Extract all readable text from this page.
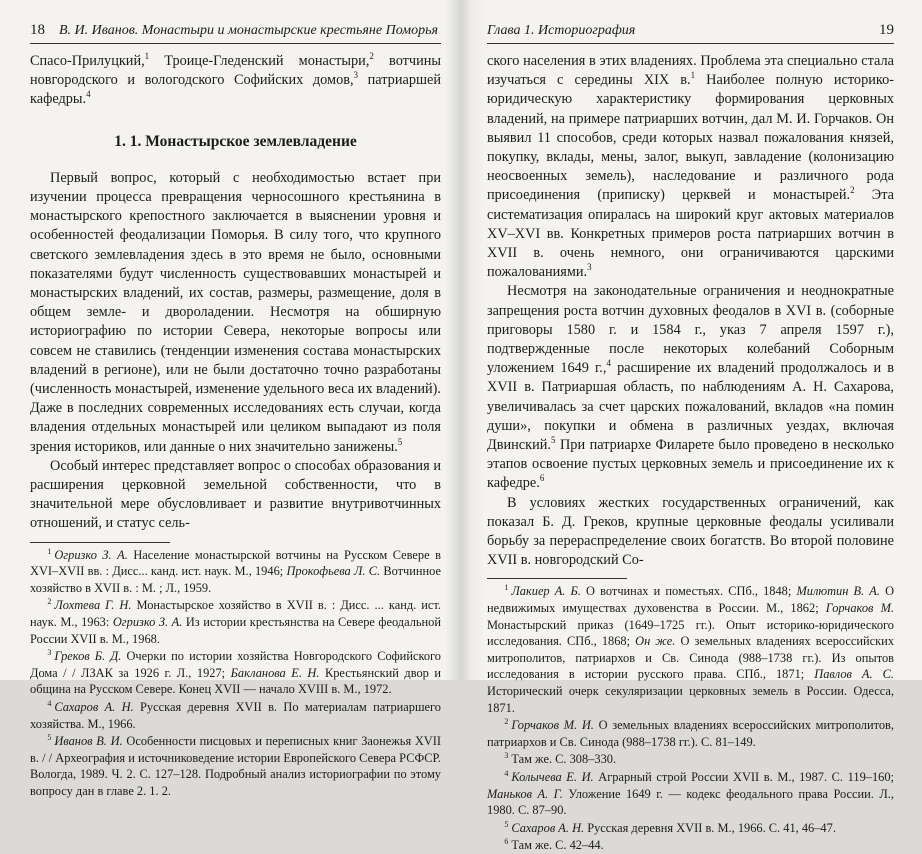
18 В. И. Иванов. Монастыри и монастырские крестьяне Поморья

Спасо-Прилуцкий,$^1$ Троице-Гледенский монастыри,$^2$ вотчины новгородского и вологодского Софийских домов,$^3$ патриаршей кафедры.$^4$

1. 1. Монастырское землевладение

Первый вопрос, который с необходимостью встает при изучении процесса превращения черносошного крестьянина в монастырского крепостного заключается в выяснении уровня и особенностей феодализации Поморья. В силу того, что крупного светского землевладения здесь в это время не было, основными показателями будут численность существовавших монастырей и монастырских владений, их состав, размеры, размещение, доля в общем земле- и двороладении. Несмотря на обширную историографию по истории Севера, некоторые вопросы или совсем не ставились (тенденции изменения состава монастырских владений в регионе), или не были достаточно точно разработаны (численность монастырей, изменение удельного веса их владений). Даже в последних современных исследованиях есть случаи, когда владения отдельных монастырей или целиком выпадают из поля зрения историков, или данные о них значительно занижены.$^5$

Особый интерес представляет вопрос о способах образования и расширения церковной земельной собственности, что в значительной мере обусловливает и развитие внутривотчинных отношений, и статус сель-

$^1$ Огризко З. А. Население монастырской вотчины на Русском Севере в XVI–XVII вв. : Дисс... канд. ист. наук. М., 1946; Прокофьева Л. С. Вотчинное хозяйство в XVII в. : М. ; Л., 1959.

$^2$ Лохтева Г. Н. Монастырское хозяйство в XVII в. : Дисс. ... канд. ист. наук. М., 1963: Огризко З. А. Из истории крестьянства на Севере феодальной России XVII в. М., 1968.

$^3$ Греков Б. Д. Очерки по истории хозяйства Новгородского Софийского Дома / / ЛЗАК за 1926 г. Л., 1927; Бакланова Е. Н. Крестьянский двор и община на Русском Севере. Конец XVII — начало XVIII в. М., 1972.

$^4$ Сахаров А. Н. Русская деревня XVII в. По материалам патриаршего хозяйства. М., 1966.

$^5$ Иванов В. И. Особенности писцовых и переписных книг Заонежья XVII в. / / Археография и источниковедение истории Европейского Севера РСФСР. Вологда, 1989. Ч. 2. С. 127–128. Подробный анализ историографии по этому вопросу дан в главе 2. 1. 2.

Глава 1. Историография	19

ского населения в этих владениях. Проблема эта специально стала изучаться с середины XIX в.$^1$ Наиболее полную историко-юридическую характеристику формирования церковных владений, на примере патриарших вотчин, дал М. И. Горчаков. Он выявил 11 способов, среди которых назвал пожалования князей, покупку, вклады, мены, залог, выкуп, завладение (колонизацию неосвоенных земель), наследование и различного рода присоединения (приписку) церквей и монастырей.$^2$ Эта систематизация опиралась на широкий круг актовых материалов XV–XVI вв. Конкретных примеров роста патриарших вотчин в XVII в. очень немного, они ограничиваются царскими пожалованиями.$^3$

Несмотря на законодательные ограничения и неоднократные запрещения роста вотчин духовных феодалов в XVI в. (соборные приговоры 1580 г. и 1584 г., указ 7 апреля 1597 г.), подтвержденные после некоторых колебаний Соборным уложением 1649 г.,$^4$ расширение их владений продолжалось и в XVII в. Патриаршая область, по наблюдениям А. Н. Сахарова, увеличивалась за счет царских пожалований, вкладов «на помин души», покупки и обмена в различных уездах, включая Двинский.$^5$ При патриархе Филарете было проведено в несколько этапов освоение пустых церковных земель и присоединение их к кафедре.$^6$

В условиях жестких государственных ограничений, как показал Б. Д. Греков, крупные церковные феодалы усиливали борьбу за перераспределение своих богатств. Во второй половине XVII в. новгородский Со-

$^1$ Лакиер А. Б. О вотчинах и поместьях. СПб., 1848; Милютин В. А. О недвижимых имуществах духовенства в России. М., 1862; Горчаков М. Монастырский приказ (1649–1725 гг.). Опыт историко-юридического исследования. СПб., 1868; Он же. О земельных владениях всероссийских митрополитов, патриархов и Св. Синода (988–1738 гг.). Из опытов исследования в истории русского права. СПб., 1871; Павлов А. С. Исторический очерк секуляризации церковных земель в России. Одесса, 1871.

$^2$ Горчаков М. И. О земельных владениях всероссийских митрополитов, патриархов и Св. Синода (988–1738 гг.). С. 81–149.

$^3$ Там же. С. 308–330.

$^4$ Колычева Е. И. Аграрный строй России XVII в. М., 1987. С. 119–160; Маньков А. Г. Уложение 1649 г. — кодекс феодального права России. Л., 1980. С. 87–90.

$^5$ Сахаров А. Н. Русская деревня XVII в. М., 1966. С. 41, 46–47.

$^6$ Там же. С. 42–44.
